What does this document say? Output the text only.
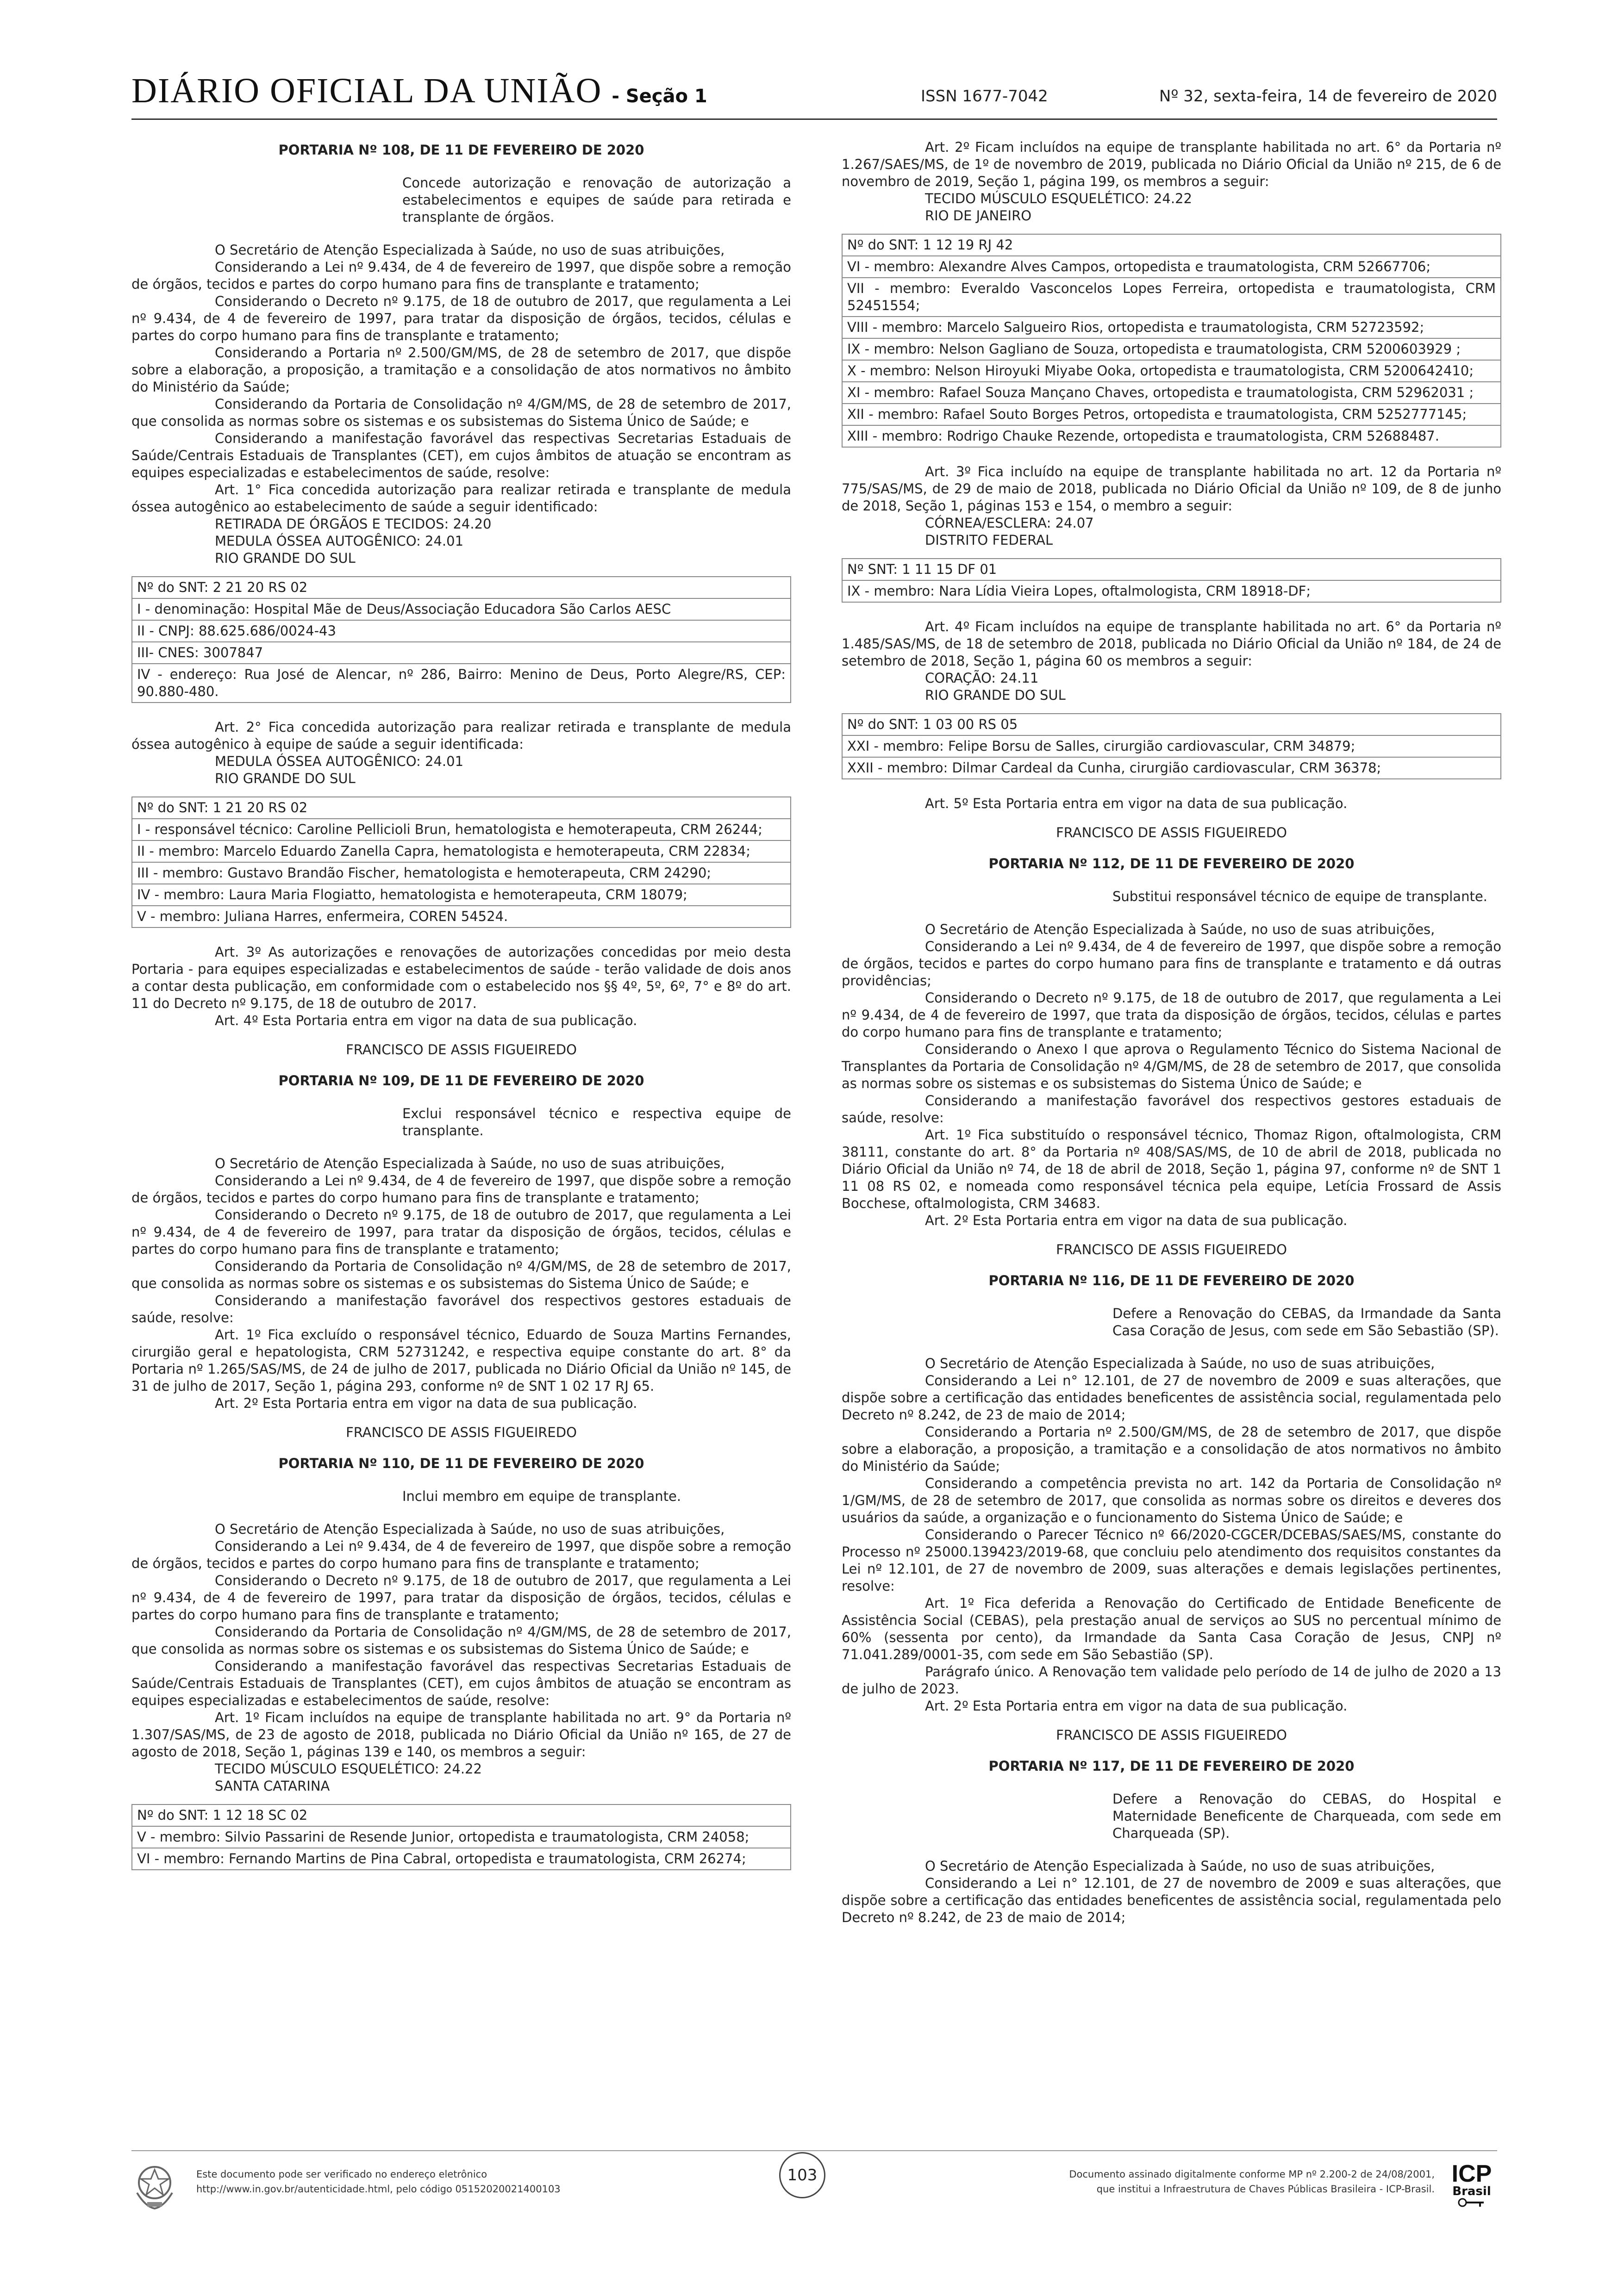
DIÁRIO OFICIAL DA UNIÃO - Seção 1	ISSN 1677-7042	Nº 32, sexta-feira, 14 de fevereiro de 2020
PORTARIA Nº 108, DE 11 DE FEVEREIRO DE 2020
Concede autorização e renovação de autorização a estabelecimentos e equipes de saúde para retirada e transplante de órgãos.
O Secretário de Atenção Especializada à Saúde, no uso de suas atribuições,
Considerando a Lei nº 9.434, de 4 de fevereiro de 1997, que dispõe sobre a remoção de órgãos, tecidos e partes do corpo humano para fins de transplante e tratamento;
Considerando o Decreto nº 9.175, de 18 de outubro de 2017, que regulamenta a Lei nº 9.434, de 4 de fevereiro de 1997, para tratar da disposição de órgãos, tecidos, células e partes do corpo humano para fins de transplante e tratamento;
Considerando a Portaria nº 2.500/GM/MS, de 28 de setembro de 2017, que dispõe sobre a elaboração, a proposição, a tramitação e a consolidação de atos normativos no âmbito do Ministério da Saúde;
Considerando da Portaria de Consolidação nº 4/GM/MS, de 28 de setembro de 2017, que consolida as normas sobre os sistemas e os subsistemas do Sistema Único de Saúde; e
Considerando a manifestação favorável das respectivas Secretarias Estaduais de Saúde/Centrais Estaduais de Transplantes (CET), em cujos âmbitos de atuação se encontram as equipes especializadas e estabelecimentos de saúde, resolve:
Art. 1° Fica concedida autorização para realizar retirada e transplante de medula óssea autogênico ao estabelecimento de saúde a seguir identificado:
RETIRADA DE ÓRGÃOS E TECIDOS: 24.20
MEDULA ÓSSEA AUTOGÊNICO: 24.01
RIO GRANDE DO SUL
Nº do SNT: 2 21 20 RS 02
I - denominação: Hospital Mãe de Deus/Associação Educadora São Carlos AESC
II - CNPJ: 88.625.686/0024-43
III- CNES: 3007847
IV - endereço: Rua José de Alencar, nº 286, Bairro: Menino de Deus, Porto Alegre/RS, CEP: 90.880-480.
Art. 2° Fica concedida autorização para realizar retirada e transplante de medula óssea autogênico à equipe de saúde a seguir identificada:
MEDULA ÓSSEA AUTOGÊNICO: 24.01
RIO GRANDE DO SUL
Nº do SNT: 1 21 20 RS 02
I - responsável técnico: Caroline Pellicioli Brun, hematologista e hemoterapeuta, CRM 26244;
II - membro: Marcelo Eduardo Zanella Capra, hematologista e hemoterapeuta, CRM 22834;
III - membro: Gustavo Brandão Fischer, hematologista e hemoterapeuta, CRM 24290;
IV - membro: Laura Maria Flogiatto, hematologista e hemoterapeuta, CRM 18079;
V - membro: Juliana Harres, enfermeira, COREN 54524.
Art. 3º As autorizações e renovações de autorizações concedidas por meio desta Portaria - para equipes especializadas e estabelecimentos de saúde - terão validade de dois anos a contar desta publicação, em conformidade com o estabelecido nos §§ 4º, 5º, 6º, 7° e 8º do art. 11 do Decreto nº 9.175, de 18 de outubro de 2017.
Art. 4º Esta Portaria entra em vigor na data de sua publicação.
FRANCISCO DE ASSIS FIGUEIREDO
PORTARIA Nº 109, DE 11 DE FEVEREIRO DE 2020
Exclui responsável técnico e respectiva equipe de transplante.
O Secretário de Atenção Especializada à Saúde, no uso de suas atribuições,
Considerando a Lei nº 9.434, de 4 de fevereiro de 1997, que dispõe sobre a remoção de órgãos, tecidos e partes do corpo humano para fins de transplante e tratamento;
Considerando o Decreto nº 9.175, de 18 de outubro de 2017, que regulamenta a Lei nº 9.434, de 4 de fevereiro de 1997, para tratar da disposição de órgãos, tecidos, células e partes do corpo humano para fins de transplante e tratamento;
Considerando da Portaria de Consolidação nº 4/GM/MS, de 28 de setembro de 2017, que consolida as normas sobre os sistemas e os subsistemas do Sistema Único de Saúde; e
Considerando a manifestação favorável dos respectivos gestores estaduais de saúde, resolve:
Art. 1º Fica excluído o responsável técnico, Eduardo de Souza Martins Fernandes, cirurgião geral e hepatologista, CRM 52731242, e respectiva equipe constante do art. 8° da Portaria nº 1.265/SAS/MS, de 24 de julho de 2017, publicada no Diário Oficial da União nº 145, de 31 de julho de 2017, Seção 1, página 293, conforme nº de SNT 1 02 17 RJ 65.
Art. 2º Esta Portaria entra em vigor na data de sua publicação.
FRANCISCO DE ASSIS FIGUEIREDO
PORTARIA Nº 110, DE 11 DE FEVEREIRO DE 2020
Inclui membro em equipe de transplante.
O Secretário de Atenção Especializada à Saúde, no uso de suas atribuições,
Considerando a Lei nº 9.434, de 4 de fevereiro de 1997, que dispõe sobre a remoção de órgãos, tecidos e partes do corpo humano para fins de transplante e tratamento;
Considerando o Decreto nº 9.175, de 18 de outubro de 2017, que regulamenta a Lei nº 9.434, de 4 de fevereiro de 1997, para tratar da disposição de órgãos, tecidos, células e partes do corpo humano para fins de transplante e tratamento;
Considerando da Portaria de Consolidação nº 4/GM/MS, de 28 de setembro de 2017, que consolida as normas sobre os sistemas e os subsistemas do Sistema Único de Saúde; e
Considerando a manifestação favorável das respectivas Secretarias Estaduais de Saúde/Centrais Estaduais de Transplantes (CET), em cujos âmbitos de atuação se encontram as equipes especializadas e estabelecimentos de saúde, resolve:
Art. 1º Ficam incluídos na equipe de transplante habilitada no art. 9° da Portaria nº 1.307/SAS/MS, de 23 de agosto de 2018, publicada no Diário Oficial da União nº 165, de 27 de agosto de 2018, Seção 1, páginas 139 e 140, os membros a seguir:
TECIDO MÚSCULO ESQUELÉTICO: 24.22
SANTA CATARINA
Nº do SNT: 1 12 18 SC 02
V - membro: Silvio Passarini de Resende Junior, ortopedista e traumatologista, CRM 24058;
VI - membro: Fernando Martins de Pina Cabral, ortopedista e traumatologista, CRM 26274;
Art. 2º Ficam incluídos na equipe de transplante habilitada no art. 6° da Portaria nº 1.267/SAES/MS, de 1º de novembro de 2019, publicada no Diário Oficial da União nº 215, de 6 de novembro de 2019, Seção 1, página 199, os membros a seguir:
TECIDO MÚSCULO ESQUELÉTICO: 24.22
RIO DE JANEIRO
Nº do SNT: 1 12 19 RJ 42
VI - membro: Alexandre Alves Campos, ortopedista e traumatologista, CRM 52667706;
VII - membro: Everaldo Vasconcelos Lopes Ferreira, ortopedista e traumatologista, CRM 52451554;
VIII - membro: Marcelo Salgueiro Rios, ortopedista e traumatologista, CRM 52723592;
IX - membro: Nelson Gagliano de Souza, ortopedista e traumatologista, CRM 5200603929 ;
X - membro: Nelson Hiroyuki Miyabe Ooka, ortopedista e traumatologista, CRM 5200642410;
XI - membro: Rafael Souza Mançano Chaves, ortopedista e traumatologista, CRM 52962031 ;
XII - membro: Rafael Souto Borges Petros, ortopedista e traumatologista, CRM 5252777145;
XIII - membro: Rodrigo Chauke Rezende, ortopedista e traumatologista, CRM 52688487.
Art. 3º Fica incluído na equipe de transplante habilitada no art. 12 da Portaria nº 775/SAS/MS, de 29 de maio de 2018, publicada no Diário Oficial da União nº 109, de 8 de junho de 2018, Seção 1, páginas 153 e 154, o membro a seguir:
CÓRNEA/ESCLERA: 24.07
DISTRITO FEDERAL
Nº SNT: 1 11 15 DF 01
IX - membro: Nara Lídia Vieira Lopes, oftalmologista, CRM 18918-DF;
Art. 4º Ficam incluídos na equipe de transplante habilitada no art. 6° da Portaria nº 1.485/SAS/MS, de 18 de setembro de 2018, publicada no Diário Oficial da União nº 184, de 24 de setembro de 2018, Seção 1, página 60 os membros a seguir:
CORAÇÃO: 24.11
RIO GRANDE DO SUL
Nº do SNT: 1 03 00 RS 05
XXI - membro: Felipe Borsu de Salles, cirurgião cardiovascular, CRM 34879;
XXII - membro: Dilmar Cardeal da Cunha, cirurgião cardiovascular, CRM 36378;
Art. 5º Esta Portaria entra em vigor na data de sua publicação.
FRANCISCO DE ASSIS FIGUEIREDO
PORTARIA Nº 112, DE 11 DE FEVEREIRO DE 2020
Substitui responsável técnico de equipe de transplante.
O Secretário de Atenção Especializada à Saúde, no uso de suas atribuições,
Considerando a Lei nº 9.434, de 4 de fevereiro de 1997, que dispõe sobre a remoção de órgãos, tecidos e partes do corpo humano para fins de transplante e tratamento e dá outras providências;
Considerando o Decreto nº 9.175, de 18 de outubro de 2017, que regulamenta a Lei nº 9.434, de 4 de fevereiro de 1997, que trata da disposição de órgãos, tecidos, células e partes do corpo humano para fins de transplante e tratamento;
Considerando o Anexo I que aprova o Regulamento Técnico do Sistema Nacional de Transplantes da Portaria de Consolidação nº 4/GM/MS, de 28 de setembro de 2017, que consolida as normas sobre os sistemas e os subsistemas do Sistema Único de Saúde; e
Considerando a manifestação favorável dos respectivos gestores estaduais de saúde, resolve:
Art. 1º Fica substituído o responsável técnico, Thomaz Rigon, oftalmologista, CRM 38111, constante do art. 8° da Portaria nº 408/SAS/MS, de 10 de abril de 2018, publicada no Diário Oficial da União nº 74, de 18 de abril de 2018, Seção 1, página 97, conforme nº de SNT 1 11 08 RS 02, e nomeada como responsável técnica pela equipe, Letícia Frossard de Assis Bocchese, oftalmologista, CRM 34683.
Art. 2º Esta Portaria entra em vigor na data de sua publicação.
FRANCISCO DE ASSIS FIGUEIREDO
PORTARIA Nº 116, DE 11 DE FEVEREIRO DE 2020
Defere a Renovação do CEBAS, da Irmandade da Santa Casa Coração de Jesus, com sede em São Sebastião (SP).
O Secretário de Atenção Especializada à Saúde, no uso de suas atribuições,
Considerando a Lei n° 12.101, de 27 de novembro de 2009 e suas alterações, que dispõe sobre a certificação das entidades beneficentes de assistência social, regulamentada pelo Decreto nº 8.242, de 23 de maio de 2014;
Considerando a Portaria nº 2.500/GM/MS, de 28 de setembro de 2017, que dispõe sobre a elaboração, a proposição, a tramitação e a consolidação de atos normativos no âmbito do Ministério da Saúde;
Considerando a competência prevista no art. 142 da Portaria de Consolidação nº 1/GM/MS, de 28 de setembro de 2017, que consolida as normas sobre os direitos e deveres dos usuários da saúde, a organização e o funcionamento do Sistema Único de Saúde; e
Considerando o Parecer Técnico nº 66/2020-CGCER/DCEBAS/SAES/MS, constante do Processo nº 25000.139423/2019-68, que concluiu pelo atendimento dos requisitos constantes da Lei nº 12.101, de 27 de novembro de 2009, suas alterações e demais legislações pertinentes, resolve:
Art. 1º Fica deferida a Renovação do Certificado de Entidade Beneficente de Assistência Social (CEBAS), pela prestação anual de serviços ao SUS no percentual mínimo de 60% (sessenta por cento), da Irmandade da Santa Casa Coração de Jesus, CNPJ nº 71.041.289/0001-35, com sede em São Sebastião (SP).
Parágrafo único. A Renovação tem validade pelo período de 14 de julho de 2020 a 13 de julho de 2023.
Art. 2º Esta Portaria entra em vigor na data de sua publicação.
FRANCISCO DE ASSIS FIGUEIREDO
PORTARIA Nº 117, DE 11 DE FEVEREIRO DE 2020
Defere a Renovação do CEBAS, do Hospital e Maternidade Beneficente de Charqueada, com sede em Charqueada (SP).
O Secretário de Atenção Especializada à Saúde, no uso de suas atribuições,
Considerando a Lei n° 12.101, de 27 de novembro de 2009 e suas alterações, que dispõe sobre a certificação das entidades beneficentes de assistência social, regulamentada pelo Decreto nº 8.242, de 23 de maio de 2014;
Este documento pode ser verificado no endereço eletrônico
http://www.in.gov.br/autenticidade.html, pelo código 05152020021400103
103	Documento assinado digitalmente conforme MP nº 2.200-2 de 24/08/2001,
que institui a Infraestrutura de Chaves Públicas Brasileira - ICP-Brasil.
ICP
Brasil
